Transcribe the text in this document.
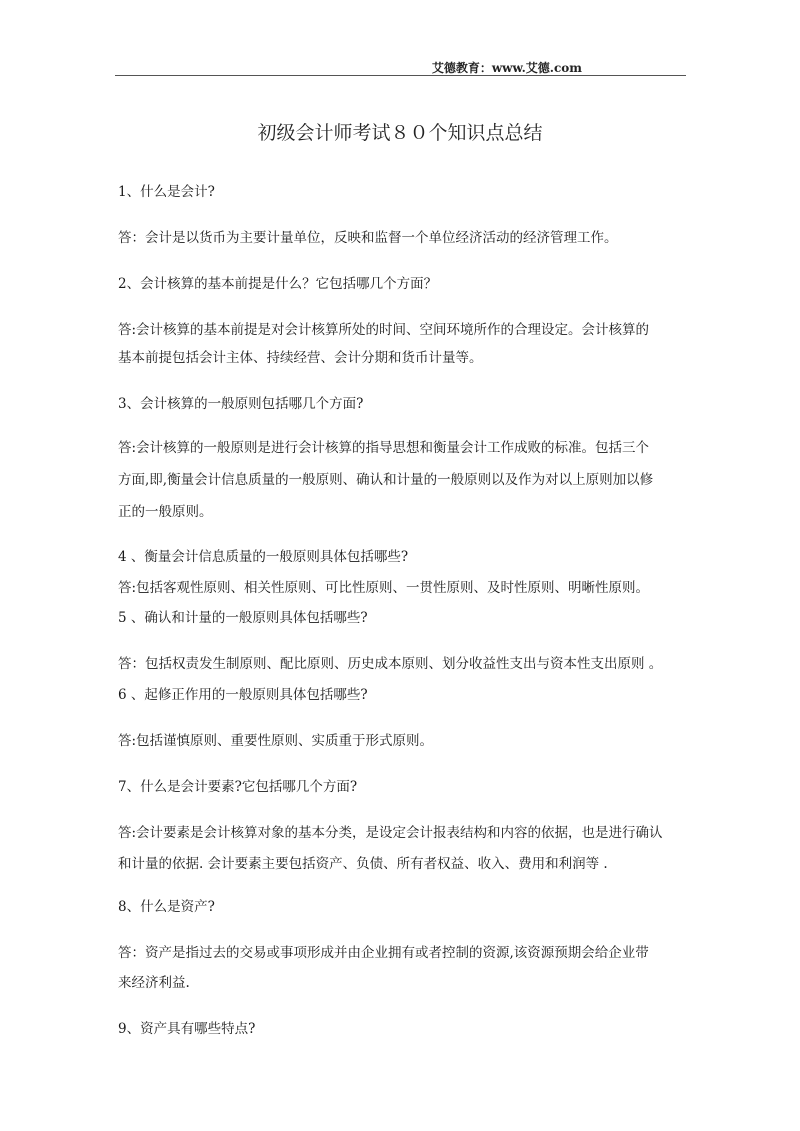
艾德教育：www.艾德.com
初级会计师考试８０个知识点总结
1、什么是会计?
答：会计是以货币为主要计量单位，反映和监督一个单位经济活动的经济管理工作。
2、会计核算的基本前提是什么？它包括哪几个方面？
答:会计核算的基本前提是对会计核算所处的时间、空间环境所作的合理设定。会计核算的
基本前提包括会计主体、持续经营、会计分期和货币计量等。
3、会计核算的一般原则包括哪几个方面?
答:会计核算的一般原则是进行会计核算的指导思想和衡量会计工作成败的标准。包括三个
方面,即,衡量会计信息质量的一般原则、确认和计量的一般原则以及作为对以上原则加以修
正的一般原则。
4 、衡量会计信息质量的一般原则具体包括哪些?
答:包括客观性原则、相关性原则、可比性原则、一贯性原则、及时性原则、明晰性原则。
5 、确认和计量的一般原则具体包括哪些?
答：包括权责发生制原则、配比原则、历史成本原则、划分收益性支出与资本性支出原则 。
6 、起修正作用的一般原则具体包括哪些?
答:包括谨慎原则、重要性原则、实质重于形式原则。
7、什么是会计要素?它包括哪几个方面?
答:会计要素是会计核算对象的基本分类，是设定会计报表结构和内容的依据，也是进行确认
和计量的依据. 会计要素主要包括资产、负债、所有者权益、收入、费用和利润等 .
8、什么是资产?
答：资产是指过去的交易或事项形成并由企业拥有或者控制的资源,该资源预期会给企业带
来经济利益.
9、资产具有哪些特点?
